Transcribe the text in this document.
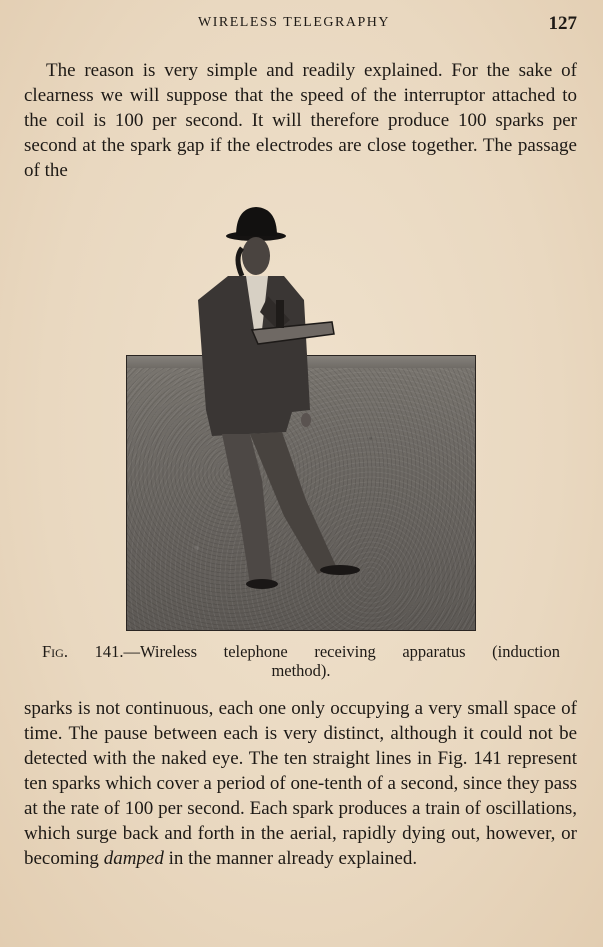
WIRELESS TELEGRAPHY	127

The reason is very simple and readily explained. For the sake of clearness we will suppose that the speed of the interruptor attached to the coil is 100 per second. It will therefore produce 100 sparks per second at the spark gap if the electrodes are close together. The passage of the

Fig. 141.—Wireless telephone receiving apparatus (induction
method).

sparks is not continuous, each one only occupying a very small space of time. The pause between each is very distinct, although it could not be detected with the naked eye. The ten straight lines in Fig. 141 represent ten sparks which cover a period of one-tenth of a second, since they pass at the rate of 100 per second. Each spark produces a train of oscillations, which surge back and forth in the aerial, rapidly dying out, however, or becoming damped in the manner already explained.
